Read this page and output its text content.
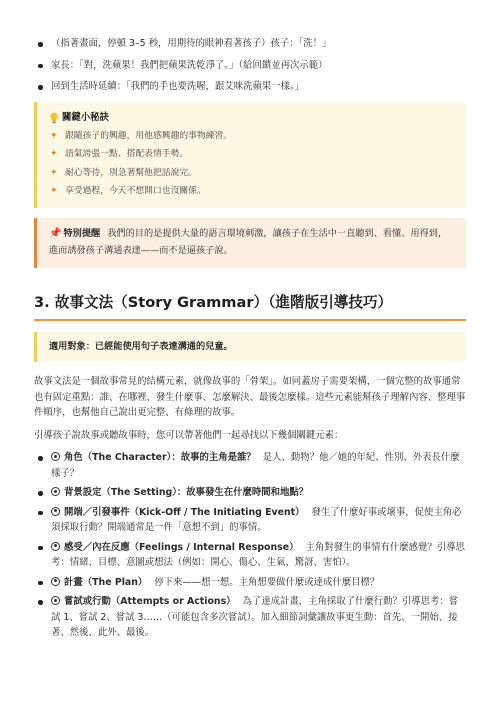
（指著畫面，停頓 3–5 秒，用期待的眼神看著孩子）孩子：「洗！」
家長：「對，洗蘋果！我們把蘋果洗乾淨了。」（給回饋並再次示範）
回到生活時延續：「我們的手也要洗喔，跟艾咪洗蘋果一樣。」
關鍵小秘訣
✦ 跟隨孩子的興趣，用他感興趣的事物練習。
✦ 語氣誇張一點、搭配表情手勢。
✦ 耐心等待，別急著幫他把話說完。
✦ 享受過程，今天不想開口也沒關係。
📌 特別提醒 我們的目的是提供大量的語言環境刺激，讓孩子在生活中一直聽到、看懂、用得到，進而誘發孩子溝通表達——而不是逼孩子說。
3. 故事文法（Story Grammar）（進階版引導技巧）
適用對象：已經能使用句子表達溝通的兒童。

故事文法是一個故事常見的結構元素，就像故事的「骨架」。如同蓋房子需要架構，一個完整的故事通常也有固定重點：誰、在哪裡、發生什麼事、怎麼解決、最後怎麼樣。這些元素能幫孩子理解內容、整理事件順序，也幫他自己說出更完整、有條理的故事。

引導孩子說故事或聽故事時，您可以帶著他們一起尋找以下幾個關鍵元素：

角色（The Character）：故事的主角是誰？ 是人、動物？他／她的年紀、性別、外表長什麼樣子？
背景設定（The Setting）：故事發生在什麼時間和地點？
開端／引發事件（Kick-Off / The Initiating Event） 發生了什麼好事或壞事，促使主角必須採取行動？開端通常是一件「意想不到」的事情。
感受／內在反應（Feelings / Internal Response） 主角對發生的事情有什麼感覺？引導思考：情緒、目標、意圖或想法（例如：開心、傷心、生氣、驚訝、害怕）。
計畫（The Plan） 停下來——想一想。主角想要做什麼或達成什麼目標？
嘗試或行動（Attempts or Actions） 為了達成計畫，主角採取了什麼行動？引導思考：嘗試 1、嘗試 2、嘗試 3……（可能包含多次嘗試）。加入細節詞彙讓故事更生動：首先、一開始、接著、然後、此外、最後。
